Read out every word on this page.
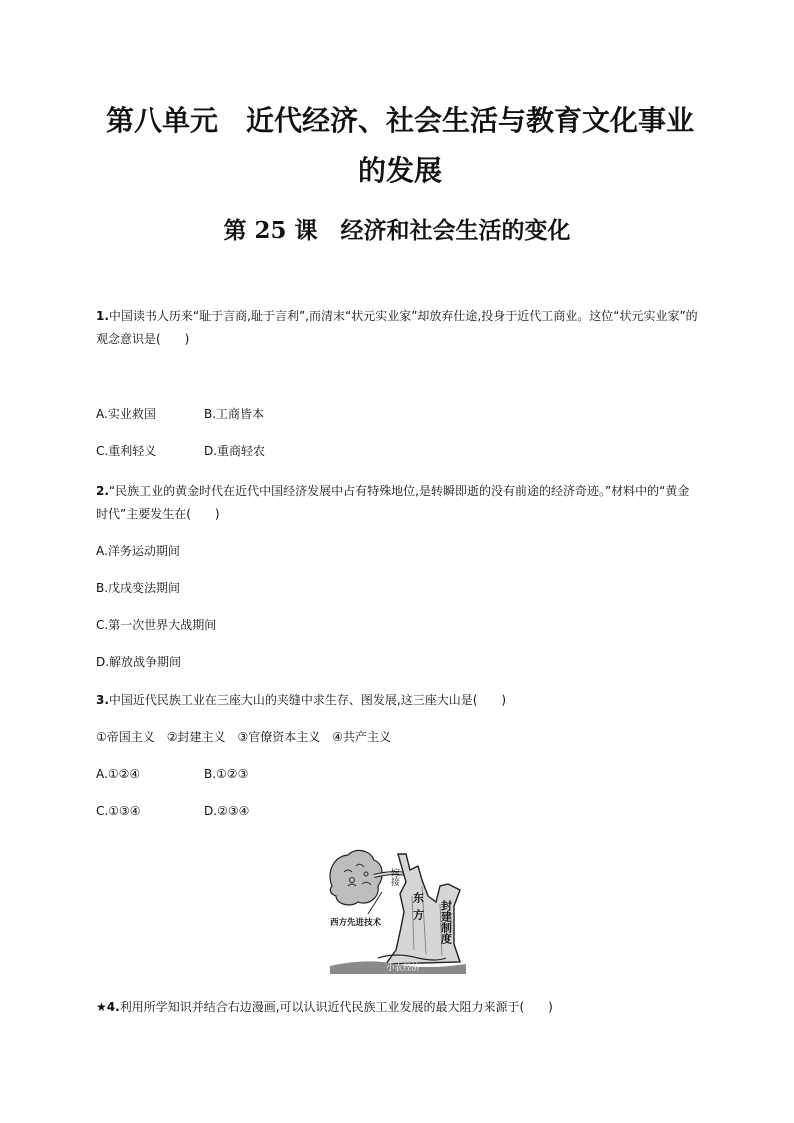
第八单元　近代经济、社会生活与教育文化事业
的发展
第 25 课　经济和社会生活的变化

1.中国读书人历来“耻于言商,耻于言利”,而清末“状元实业家”却放弃仕途,投身于近代工商业。这位“状元实业家”的

观念意识是(　　)

A.实业救国	B.工商皆本
C.重利轻义	D.重商轻农

2.“民族工业的黄金时代在近代中国经济发展中占有特殊地位,是转瞬即逝的没有前途的经济奇迹。”材料中的“黄金

时代”主要发生在(　　)

A.洋务运动期间

B.戊戌变法期间

C.第一次世界大战期间

D.解放战争期间

3.中国近代民族工业在三座大山的夹缝中求生存、图发展,这三座大山是(　　)

①帝国主义　②封建主义　③官僚资本主义　④共产主义

A.①②④	B.①②③
C.①③④	D.②③④
嫁接
东方 封建制度
西方先进技术
小农经济

★4.利用所学知识并结合右边漫画,可以认识近代民族工业发展的最大阻力来源于(　　)
